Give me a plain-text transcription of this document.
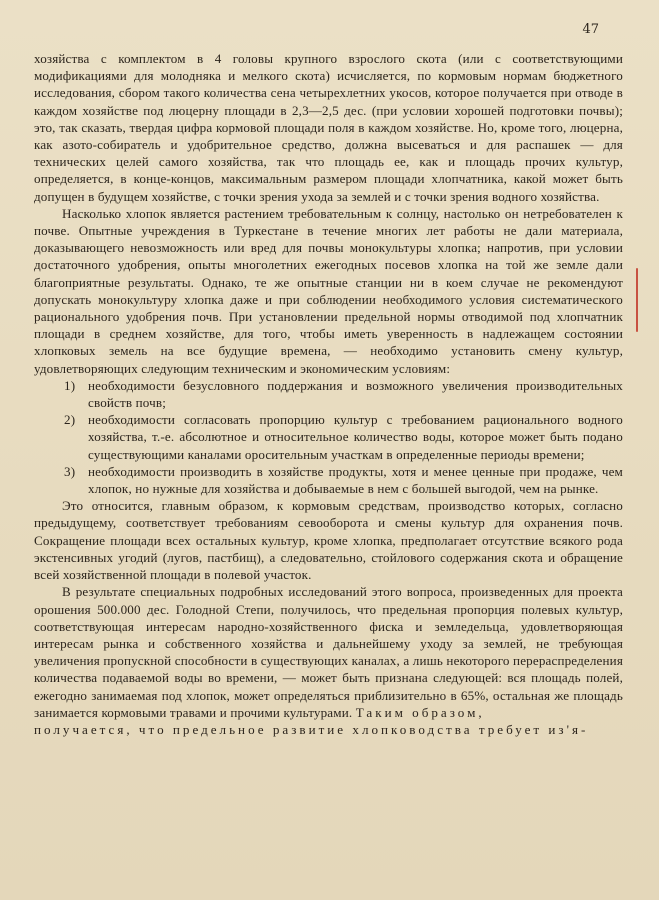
47

хозяйства с комплектом в 4 головы крупного взрослого скота (или с соответствующими модификациями для молодняка и мелкого скота) исчисляется, по кормовым нормам бюджетного исследования, сбором такого количества сена четырехлетних укосов, которое получается при отводе в каждом хозяйстве под люцерну площади в 2,3—2,5 дес. (при условии хорошей подготовки почвы); это, так сказать, твердая цифра кормовой площади поля в каждом хозяйстве. Но, кроме того, люцерна, как азото-собиратель и удобрительное средство, должна высеваться и для распашек — для технических целей самого хозяйства, так что площадь ее, как и площадь прочих культур, определяется, в конце-концов, максимальным размером площади хлопчатника, какой может быть допущен в будущем хозяйстве, с точки зрения ухода за землей и с точки зрения водного хозяйства.

Насколько хлопок является растением требовательным к солнцу, настолько он нетребователен к почве. Опытные учреждения в Туркестане в течение многих лет работы не дали материала, доказывающего невозможность или вред для почвы монокультуры хлопка; напротив, при условии достаточного удобрения, опыты многолетних ежегодных посевов хлопка на той же земле дали благоприятные результаты. Однако, те же опытные станции ни в коем случае не рекомендуют допускать монокультуру хлопка даже и при соблюдении необходимого условия систематического рационального удобрения почв. При установлении предельной нормы отводимой под хлопчатник площади в среднем хозяйстве, для того, чтобы иметь уверенность в надлежащем состоянии хлопковых земель на все будущие времена, — необходимо установить смену культур, удовлетворяющих следующим техническим и экономическим условиям:

1) необходимости безусловного поддержания и возможного увеличения производительных свойств почв;
2) необходимости согласовать пропорцию культур с требованием рационального водного хозяйства, т.-е. абсолютное и относительное количество воды, которое может быть подано существующими каналами оросительным участкам в определенные периоды времени;
3) необходимости производить в хозяйстве продукты, хотя и менее ценные при продаже, чем хлопок, но нужные для хозяйства и добываемые в нем с большей выгодой, чем на рынке.

Это относится, главным образом, к кормовым средствам, производство которых, согласно предыдущему, соответствует требованиям севооборота и смены культур для охранения почв. Сокращение площади всех остальных культур, кроме хлопка, предполагает отсутствие всякого рода экстенсивных угодий (лугов, пастбищ), а следовательно, стойлового содержания скота и обращение всей хозяйственной площади в полевой участок.

В результате специальных подробных исследований этого вопроса, произведенных для проекта орошения 500.000 дес. Голодной Степи, получилось, что предельная пропорция полевых культур, соответствующая интересам народно-хозяйственного фиска и земледельца, удовлетворяющая интересам рынка и собственного хозяйства и дальнейшему уходу за землей, не требующая увеличения пропускной способности в существующих каналах, а лишь некоторого перераспределения количества подаваемой воды во времени, — может быть признана следующей: вся площадь полей, ежегодно занимаемая под хлопок, может определяться приблизительно в 65%, остальная же площадь занимается кормовыми травами и прочими культурами. Таким образом,

получается, что предельное развитие хлопководства требует из'я-
